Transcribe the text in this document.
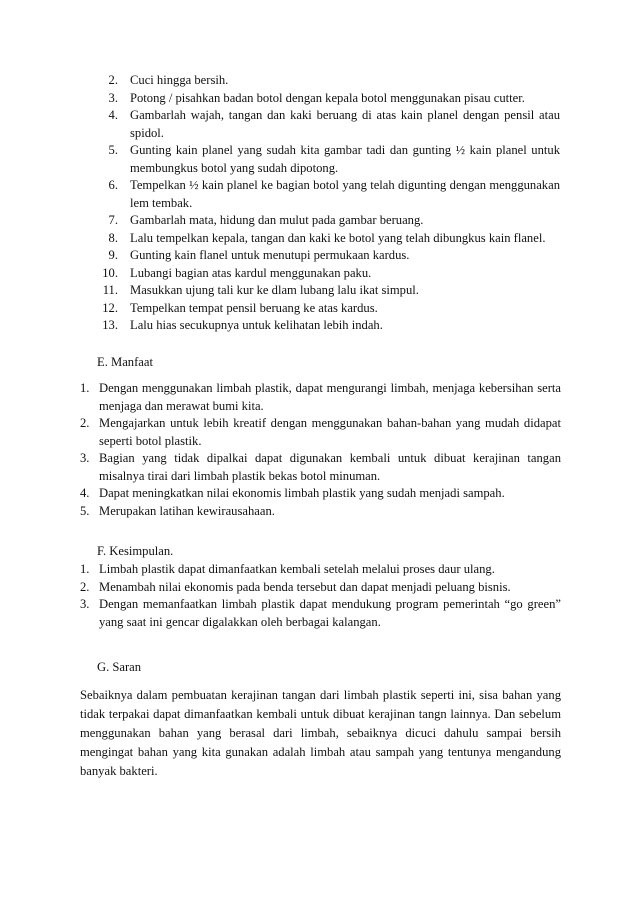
2. Cuci hingga bersih.
3. Potong / pisahkan badan botol dengan kepala botol menggunakan pisau cutter.
4. Gambarlah wajah, tangan dan kaki beruang di atas kain planel dengan pensil atau spidol.
5. Gunting kain planel yang sudah kita gambar tadi dan gunting ½ kain planel untuk membungkus botol yang sudah dipotong.
6. Tempelkan ½ kain planel ke bagian botol yang telah digunting dengan menggunakan lem tembak.
7. Gambarlah mata, hidung dan mulut pada gambar beruang.
8. Lalu tempelkan kepala, tangan dan kaki ke botol yang telah dibungkus kain flanel.
9. Gunting kain flanel untuk menutupi permukaan kardus.
10. Lubangi bagian atas kardul menggunakan paku.
11. Masukkan ujung tali kur ke dlam lubang lalu ikat simpul.
12. Tempelkan tempat pensil beruang ke atas kardus.
13. Lalu hias secukupnya untuk kelihatan lebih indah.
E. Manfaat
1. Dengan menggunakan limbah plastik, dapat mengurangi limbah, menjaga kebersihan serta menjaga dan merawat bumi kita.
2. Mengajarkan untuk lebih kreatif dengan menggunakan bahan-bahan yang mudah didapat seperti botol plastik.
3. Bagian yang tidak dipalkai dapat digunakan kembali untuk dibuat kerajinan tangan misalnya tirai dari limbah plastik bekas botol minuman.
4. Dapat meningkatkan nilai ekonomis limbah plastik yang sudah menjadi sampah.
5. Merupakan latihan kewirausahaan.
F. Kesimpulan.
1. Limbah plastik dapat dimanfaatkan kembali setelah melalui proses daur ulang.
2. Menambah nilai ekonomis pada benda tersebut dan dapat menjadi peluang bisnis.
3. Dengan memanfaatkan limbah plastik dapat mendukung program pemerintah “go green” yang saat ini gencar digalakkan oleh berbagai kalangan.
G. Saran

Sebaiknya dalam pembuatan kerajinan tangan dari limbah plastik seperti ini, sisa bahan yang tidak terpakai dapat dimanfaatkan kembali untuk dibuat kerajinan tangn lainnya. Dan sebelum menggunakan bahan yang berasal dari limbah, sebaiknya dicuci dahulu sampai bersih mengingat bahan yang kita gunakan adalah limbah atau sampah yang tentunya mengandung banyak bakteri.
